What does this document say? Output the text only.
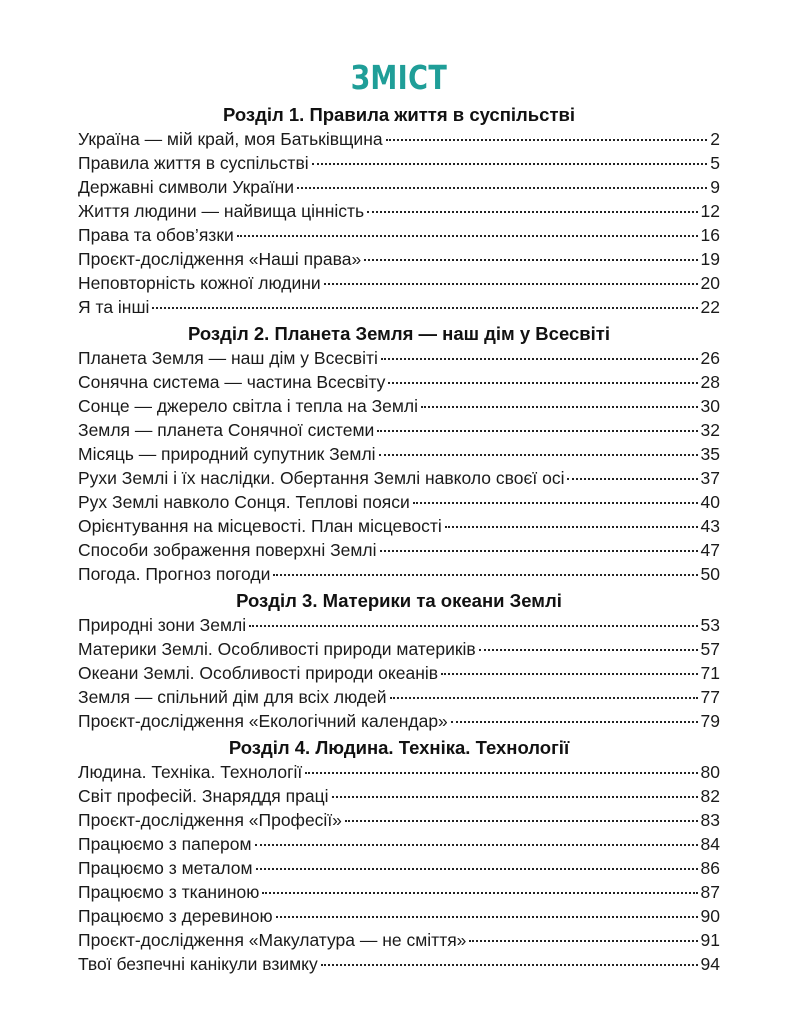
ЗМІСТ
Розділ 1. Правила життя в суспільстві
Україна — мій край, моя Батьківщина	2
Правила життя в суспільстві	5
Державні символи України	9
Життя людини — найвища цінність	12
Права та обов’язки	16
Проєкт-дослідження «Наші права»	19
Неповторність кожної людини	20
Я та інші	22
Розділ 2. Планета Земля — наш дім у Всесвіті
Планета Земля — наш дім у Всесвіті	26
Сонячна система — частина Всесвіту	28
Сонце — джерело світла і тепла на Землі	30
Земля — планета Сонячної системи	32
Місяць — природний супутник Землі	35
Рухи Землі і їх наслідки. Обертання Землі навколо своєї осі	37
Рух Землі навколо Сонця. Теплові пояси	40
Орієнтування на місцевості. План місцевості	43
Способи зображення поверхні Землі	47
Погода. Прогноз погоди	50
Розділ 3. Материки та океани Землі
Природні зони Землі	53
Материки Землі. Особливості природи материків	57
Океани Землі. Особливості природи океанів	71
Земля — спільний дім для всіх людей	77
Проєкт-дослідження «Екологічний календар»	79
Розділ 4. Людина. Техніка. Технології
Людина. Техніка. Технології	80
Світ професій. Знаряддя праці	82
Проєкт-дослідження «Професії»	83
Працюємо з папером	84
Працюємо з металом	86
Працюємо з тканиною	87
Працюємо з деревиною	90
Проєкт-дослідження «Макулатура — не сміття»	91
Твої безпечні канікули взимку	94
